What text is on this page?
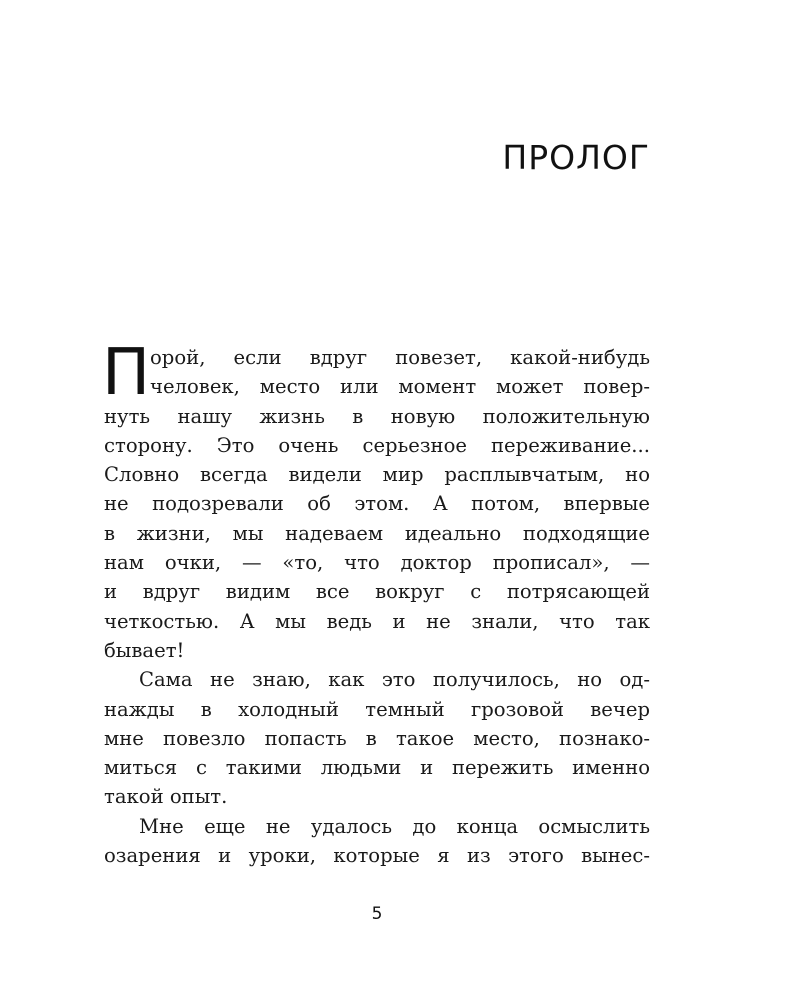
ПРОЛОГ
П орой, если вдруг повезет, какой-нибудь
человек, место или момент может повер-
нуть нашу жизнь в новую положительную
сторону. Это очень серьезное переживание...
Словно всегда видели мир расплывчатым, но
не подозревали об этом. А потом, впервые
в жизни, мы надеваем идеально подходящие
нам очки, — «то, что доктор прописал», —
и вдруг видим все вокруг с потрясающей
четкостью. А мы ведь и не знали, что так
бывает!

Сама не знаю, как это получилось, но од-
нажды в холодный темный грозовой вечер
мне повезло попасть в такое место, познако-
миться с такими людьми и пережить именно
такой опыт.

Мне еще не удалось до конца осмыслить
озарения и уроки, которые я из этого вынес-

5
